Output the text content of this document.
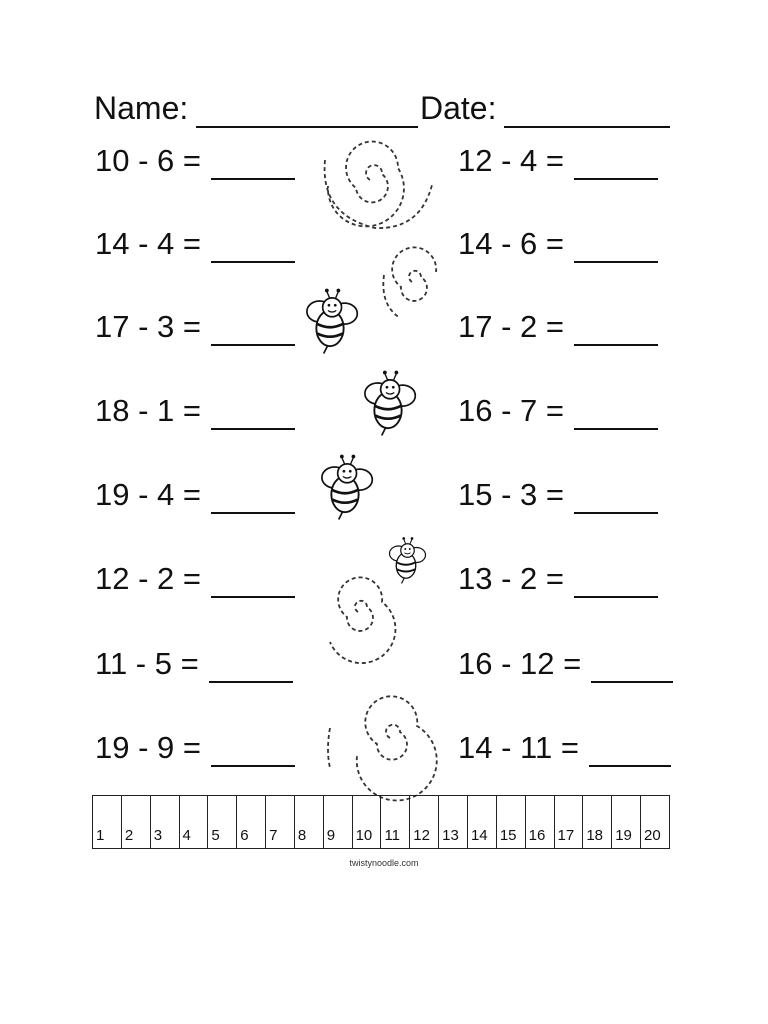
Name:	Date:
10 - 6 =
14 - 4 =
17 - 3 =
18 - 1 =
19 - 4 =
12 - 2 =
11 - 5 =
19 - 9 =
12 - 4 =
14 - 6 =
17 - 2 =
16 - 7 =
15 - 3 =
13 - 2 =
16 - 12 =
14 - 11 =
1 2 3 4 5 6 7 8 9 10 11 12 13 14 15 16 17 18 19 20
twistynoodle.com
